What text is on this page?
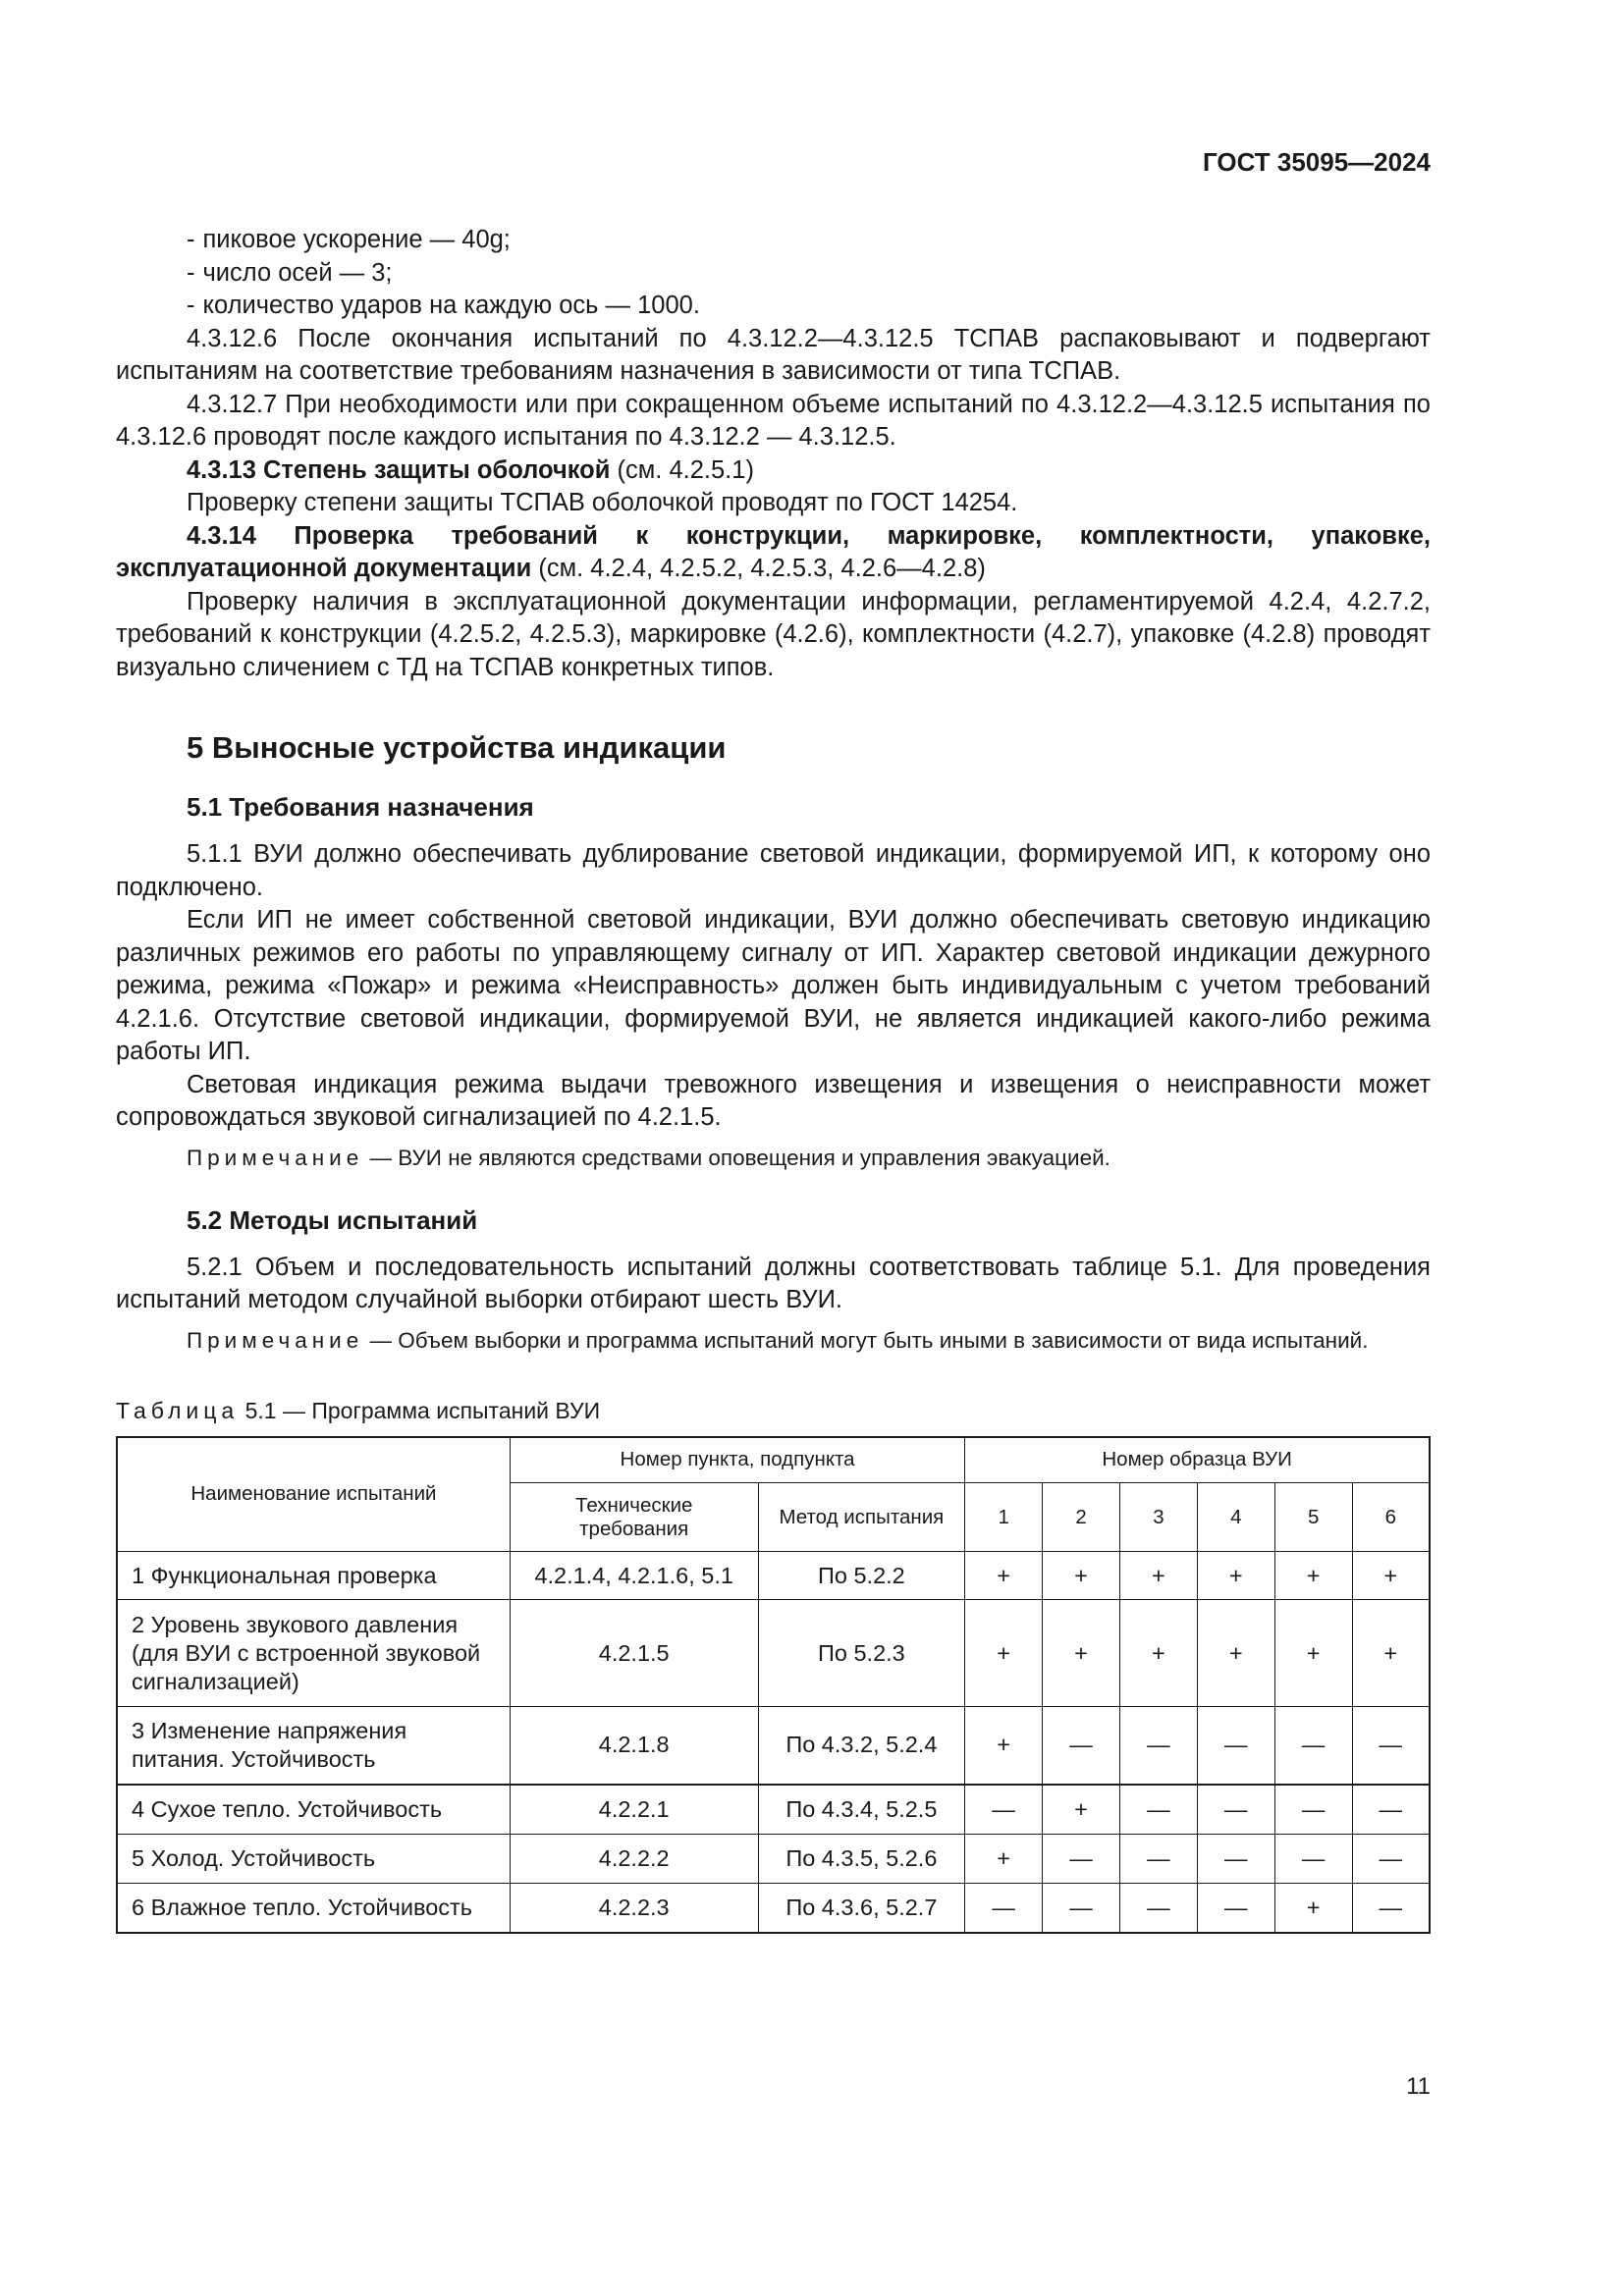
ГОСТ 35095—2024

- пиковое ускорение — 40g;

- число осей — 3;

- количество ударов на каждую ось — 1000.

4.3.12.6 После окончания испытаний по 4.3.12.2—4.3.12.5 ТСПАВ распаковывают и подвергают испытаниям на соответствие требованиям назначения в зависимости от типа ТСПАВ.

4.3.12.7 При необходимости или при сокращенном объеме испытаний по 4.3.12.2—4.3.12.5 испытания по 4.3.12.6 проводят после каждого испытания по 4.3.12.2 — 4.3.12.5.

4.3.13 Степень защиты оболочкой (см. 4.2.5.1)

Проверку степени защиты ТСПАВ оболочкой проводят по ГОСТ 14254.

4.3.14 Проверка требований к конструкции, маркировке, комплектности, упаковке, эксплуатационной документации (см. 4.2.4, 4.2.5.2, 4.2.5.3, 4.2.6—4.2.8)

Проверку наличия в эксплуатационной документации информации, регламентируемой 4.2.4, 4.2.7.2, требований к конструкции (4.2.5.2, 4.2.5.3), маркировке (4.2.6), комплектности (4.2.7), упаковке (4.2.8) проводят визуально сличением с ТД на ТСПАВ конкретных типов.

5 Выносные устройства индикации
5.1 Требования назначения

5.1.1 ВУИ должно обеспечивать дублирование световой индикации, формируемой ИП, к которому оно подключено.

Если ИП не имеет собственной световой индикации, ВУИ должно обеспечивать световую индикацию различных режимов его работы по управляющему сигналу от ИП. Характер световой индикации дежурного режима, режима «Пожар» и режима «Неисправность» должен быть индивидуальным с учетом требований 4.2.1.6. Отсутствие световой индикации, формируемой ВУИ, не является индикацией какого-либо режима работы ИП.

Световая индикация режима выдачи тревожного извещения и извещения о неисправности может сопровождаться звуковой сигнализацией по 4.2.1.5.

Примечание — ВУИ не являются средствами оповещения и управления эвакуацией.

5.2 Методы испытаний

5.2.1 Объем и последовательность испытаний должны соответствовать таблице 5.1. Для проведения испытаний методом случайной выборки отбирают шесть ВУИ.

Примечание — Объем выборки и программа испытаний могут быть иными в зависимости от вида испытаний.

Таблица 5.1 — Программа испытаний ВУИ
Наименование испытаний	Номер пункта, подпункта		Номер образца ВУИ					
	Технические требования	Метод испытания	1	2	3	4	5	6
1 Функциональная проверка	4.2.1.4, 4.2.1.6, 5.1	По 5.2.2	+	+	+	+	+	+
2 Уровень звукового давления (для ВУИ с встроенной звуковой сигнализацией)	4.2.1.5	По 5.2.3	+	+	+	+	+	+
3 Изменение напряжения питания. Устойчивость	4.2.1.8	По 4.3.2, 5.2.4	+	—	—	—	—	—
4 Сухое тепло. Устойчивость	4.2.2.1	По 4.3.4, 5.2.5	—	+	—	—	—	—
5 Холод. Устойчивость	4.2.2.2	По 4.3.5, 5.2.6	+	—	—	—	—	—
6 Влажное тепло. Устойчивость	4.2.2.3	По 4.3.6, 5.2.7	—	—	—	—	+	—
11
